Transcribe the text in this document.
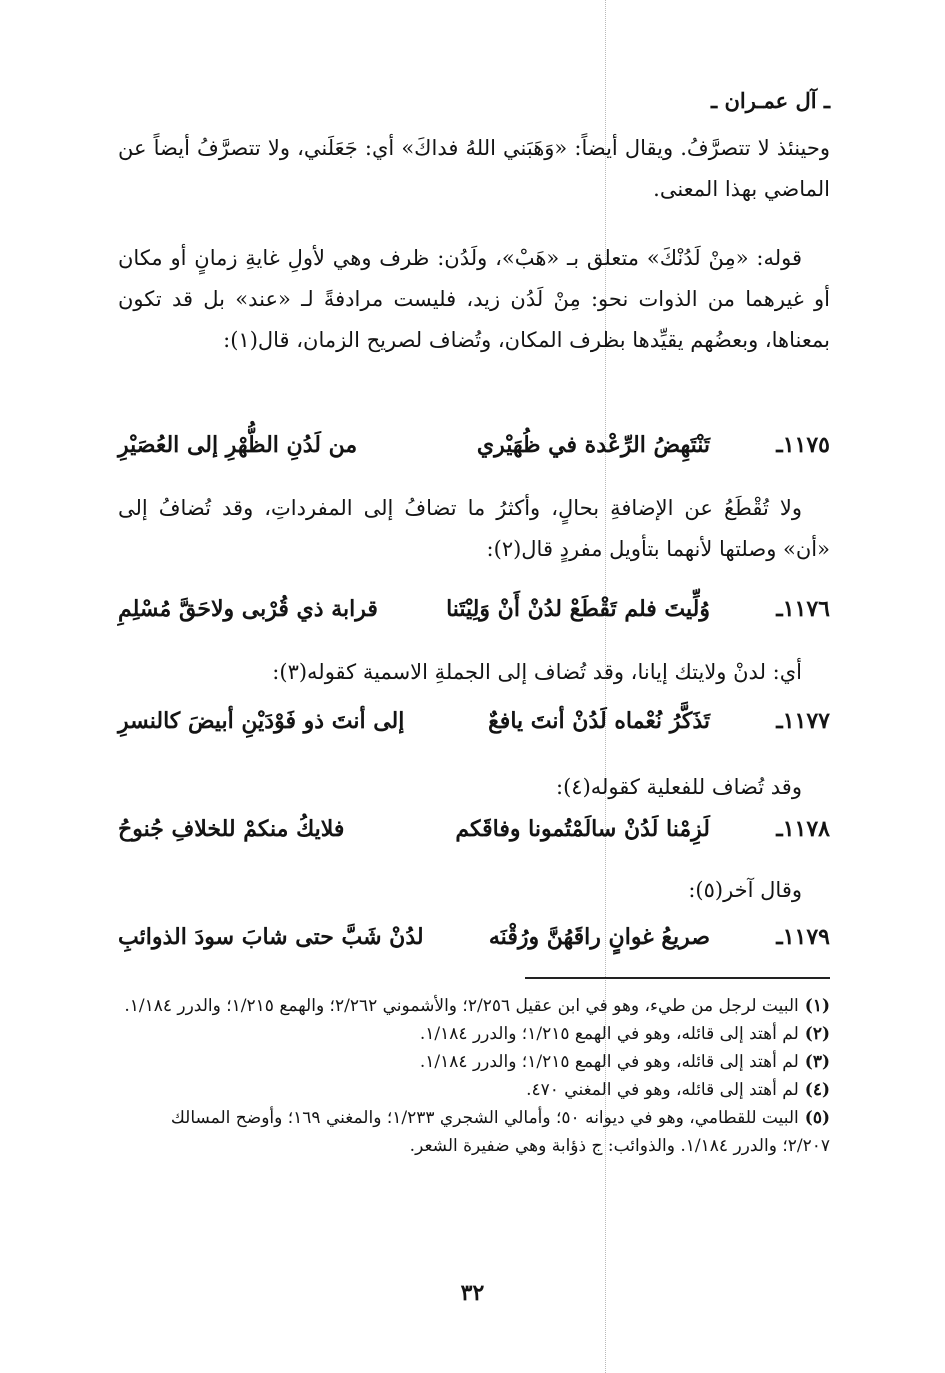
ـ آل عمـران ـ
وحينئذ لا تتصرَّفُ. ويقال أيضاً: «وَهَبَني اللهُ فداكَ» أي: جَعَلَني، ولا تتصرَّفُ أيضاً عن الماضي بهذا المعنى.
قوله: «مِنْ لَدُنْكَ» متعلق بـ «هَبْ»، ولَدُن: ظرف وهي لأولِ غايةِ زمانٍ أو مكان أو غيرهما من الذوات نحو: مِنْ لَدُن زيد، فليست مرادفةً لـ «عند» بل قد تكون بمعناها، وبعضُهم يقيِّدها بظرف المكان، وتُضاف لصريح الزمان، قال(١):
١١٧٥ـ
تَنْتَهِضُ الرِّعْدة في ظُهَيْري
من لَدُنِ الظُّهْرِ إلى العُصَيْرِ
ولا تُقْطَعُ عن الإضافةِ بحالٍ، وأكثرُ ما تضافُ إلى المفرداتِ، وقد تُضافُ إلى «أن» وصلتها لأنهما بتأويل مفردٍ قال(٢):
١١٧٦ـ
وُلِّيتَ فلم تَقْطَعْ لدُنْ أَنْ وَلِيْتَنا
قرابة ذي قُرْبى ولاحَقَّ مُسْلِمِ
أي: لدنْ ولايتك إيانا، وقد تُضاف إلى الجملةِ الاسمية كقوله(٣):
١١٧٧ـ
تَذَكَّرُ نُعْماه لَدُنْ أنتَ يافعٌ
إلى أنتَ ذو فَوْدَيْنِ أبيضَ كالنسرِ
وقد تُضاف للفعلية كقوله(٤):
١١٧٨ـ
لَزِمْنا لَدُنْ سالَمْتُمونا وفاقَكم
فلايكُ منكمْ للخلافِ جُنوحُ
وقال آخر(٥):
١١٧٩ـ
صريعُ غوانٍ راقَهُنَّ ورُقْنَه
لدُنْ شَبَّ حتى شابَ سودَ الذوائبِ
(١)البيت لرجل من طيء، وهو في ابن عقيل ٢/٢٥٦؛ والأشموني ٢/٢٦٢؛ والهمع ١/٢١٥؛ والدرر ١/١٨٤.
(٢)لم أهتد إلى قائله، وهو في الهمع ١/٢١٥؛ والدرر ١/١٨٤.
(٣)لم أهتد إلى قائله، وهو في الهمع ١/٢١٥؛ والدرر ١/١٨٤.
(٤)لم أهتد إلى قائله، وهو في المغني ٤٧٠.
(٥)البيت للقطامي، وهو في ديوانه ٥٠؛ وأمالي الشجري ١/٢٣٣؛ والمغني ١٦٩؛ وأوضح المسالك ٢/٢٠٧؛ والدرر ١/١٨٤. والذوائب: ج ذؤابة وهي ضفيرة الشعر.
٣٢
